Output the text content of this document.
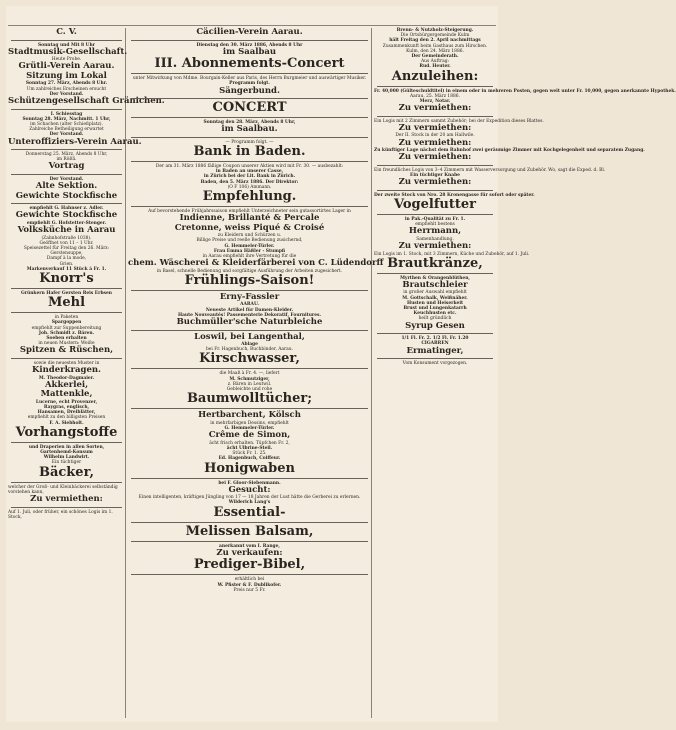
C. V.
Sonntag und Mit 8 Uhr
Stadtmusik-Gesellschaft.
Heute Probe.
Grütli-Verein Aarau.
Sitzung im Lokal
Sonntag 27. März, Abends 8 Uhr.
Um zahlreiches Erscheinen ersucht
Der Vorstand.
Schützengesellschaft Gränichen.
I. Schiesstag
Sonntag 28. März, Nachmitt. 1 Uhr,
im Schachen (alter Schießplatz).
Zahlreiche Betheiligung erwartet
Der Vorstand.
Unteroffiziers-Verein Aarau.
Donnerstag 25. März, Abends 8 Uhr,
im Rößli.
Vortrag
Der Vorstand.
Alte Sektion.
Gewichte Stockfische
empfiehlt G. Hahnser z. Adler.
Gewichte Stockfische
empfiehlt G. Hofstetter-Stenger.
Volksküche in Aarau
(Zahnhofstraße 1038).
Geöffnet von 11 – 1 Uhr.
Speisezettel für Freitag den 26. März:
Gerstensuppe,
Dampf à la mode,
Grien.
Markenverkauf 11 Stück à Fr. 1.
Knorr's
Grünkern Hafer Gersten Reis Erbsen
Mehl
in Paketen
Spargoppen
empfiehlt zur Suppenbereitung
Joh. Schmidt z. Bären.
Soeben erhalten
in neuen Mustern: Weiße
Spitzen & Rüschen,
sowie die neuesten Muster in
Kinderkragen.
M. Theodor-Dagmaier.
Akkerlei,
Mattenkle,
Lucerne, echt Provenzer,
Raygras, englisch,
Hansamen, Dreiblätter,
empfiehlt zu den billigsten Preisen
F. A. Siebholt.
Vorhangstoffe
und Draperien in allen Sorten,
Gartenhemd-Konsum
Wilhelm Landwirt.
Ein tüchtiger
Bäcker,
welcher der Groß- und Kleinbäckerei selbständig vorstehen kann,
Zu vermiethen:
Auf 1. Juli, oder früher, ein schönes Logis im 1. Stock,
Cäcilien-Verein Aarau.
Dienstag den 30. März 1886, Abends 8 Uhr
im Saalbau
III. Abonnements-Concert
unter Mitwirkung von Mdme. Bourgain-Keller aus Paris, des Herrn Burgmeier und auswärtiger Musiker.
Programm folgt.
Sängerbund.
CONCERT
Sonntag den 28. März, Abends 8 Uhr,
im Saalbau.
— Programm folgt. —
Bank in Baden.
Der am 31. März 1886 fällige Coupon unserer Aktien wird mit Fr. 30. — ausbezahlt:
in Baden an unserer Casse,
in Zürich bei der Lit. Bank in Zürich.
Baden, den 5. März 1886. Der Direktor:
(O F 106) Ammann.
Empfehlung.
Auf bevorstehende Frühjahrssaison empfiehlt Unterzeichneter sein gutassortirtes Lager in
Indienne, Brillanté & Percale
Cretonne, weiss Piqué & Croisé
zu Kleidern und Schürzen u.
Billige Preise und reelle Bedienung zusichernd,
G. Hemmeler-Türler.
Frau Emma Häßler - Stumpfi
in Aarau empfiehlt ihre Vertretung für die
chem. Wäscherei & Kleiderfärberei von C. Lüdendorff
in Basel, schnelle Bedienung und sorgfältige Ausführung der Arbeiten zugesichert.
Frühlings-Saison!
Erny-Fassler
AARAU.
Neueste Artikel für Damen-Kleider.
Haute Nouveautés! Passementerie Dekoratif, Fournitures.
Buchmüller'sche Naturbleiche
Loswil, bei Langenthal,
Ablage
bei Fr. Hagenbuch, Buchbinder, Aarau.
Kirschwasser,
die Maaß à Fr. 4. —, liefert
M. Schmutziger,
z. Bären in Leutwil.
Gebleichte und rohe
Baumwolltücher;
Hertbarchent, Kölsch
in mehrfarbigen Dessins, empfiehlt
G. Hemmeler-Türler.
Crême de Simon,
ächt frisch erhalten. Tüpfchen Fr. 2,
ächt Ulbrine-Steil.
Stück Fr. 1. 25.
Ed. Hagenbuch, Coiffeur.
Honigwaben
bei F. Gloor-Siebenmann.
Gesucht:
Einen intelligenten, kräftigen Jüngling von 17 — 18 Jahren der Lust hätte die Gerberei zu erlernen.
Wilderich Lang's
Essential-
Melissen Balsam,
anerkannt vom I. Range,
Zu verkaufen:
Prediger-Bibel,
erhältlich bei
W. Pfister & F. Dublikofer.
Preis nur 5 Fr.
Brenn- & Nutzholz-Steigerung.
Die Ortsbürgergemeinde Kulm
hält Freitag den 2. April nachmittags
Zusammenkunft beim Gasthaus zum Hirschen.
Kulm, den 24. März 1886.
Der Gemeinderath.
Aus Auftrag:
Rud. Heuter.
Anzuleihen:
Fr. 40,000 (Gülteschuldtitel) in einem oder in mehreren Posten, gegen weit unter Fr. 10,000, gegen anerkannte Hypothek.
Aarau, 25. März 1886.
Merz, Notar.
Zu vermiethen:
Ein Logis mit 2 Zimmern sammt Zubehör; bei der Expedition dieses Blattes.
Zu vermiethen:
Der II. Stock in der 20 am Hallwile.
Zu vermiethen:
Zu künftiger Lage nächst dem Bahnhof zwei geräumige Zimmer mit Kochgelegenheit und separatem Zugang.
Zu vermiethen:
Ein freundliches Logis von 3–4 Zimmern mit Wasserversorgung und Zubehör. Wo, sagt die Exped. d. Bl.
Ein tüchtiger Knabe
Zu vermiethen:
Der zweite Stock von Nro. 28 Kronengasse für sofort oder später.
Vogelfutter
in Pak.-Qualität zu Fr. 1.
empfiehlt bestens
Herrmann,
Samenhandlung.
Zu vermiethen:
Ein Logis im 1. Stock, mit 3 Zimmern, Küche und Zubehör, auf 1. Juli.
Brautkränze,
Myrthen & Orangenblüthen,
Brautschleier
in großer Auswahl empfiehlt
M. Gottschalk, Weißnäher.
Husten und Heiserkeit
Brust und Lungenkatarrh
Keuchhusten etc.
heilt gründlich
Syrup Gesen
1/1 Fl. Fr. 2. 1/2 Fl. Fr. 1.20
CIGARREN
Ermatinger,
Vom Konsument vorgezogen.
